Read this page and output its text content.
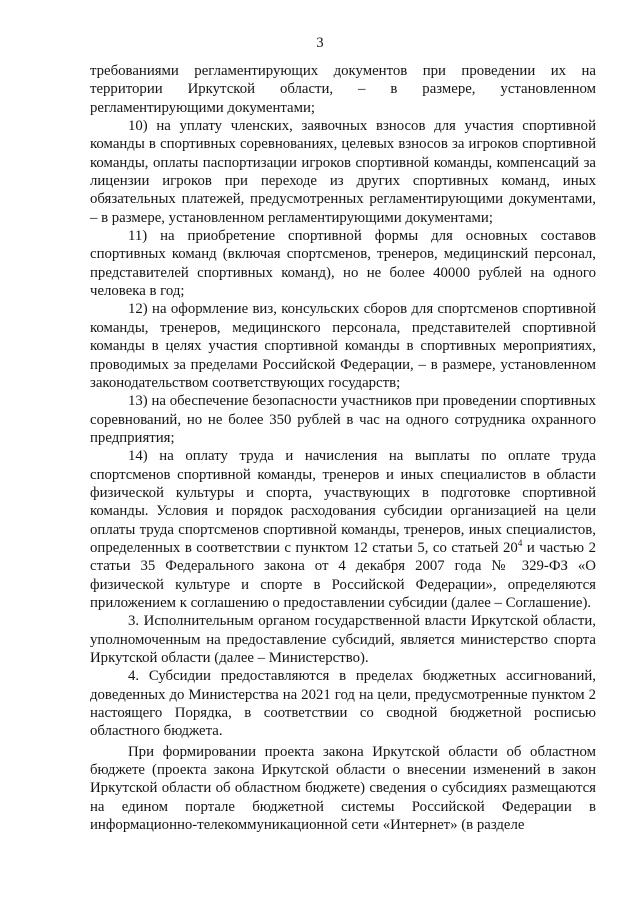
3

требованиями регламентирующих документов при проведении их на территории Иркутской области, – в размере, установленном регламентирующими документами;

10) на уплату членских, заявочных взносов для участия спортивной команды в спортивных соревнованиях, целевых взносов за игроков спортивной команды, оплаты паспортизации игроков спортивной команды, компенсаций за лицензии игроков при переходе из других спортивных команд, иных обязательных платежей, предусмотренных регламентирующими документами, – в размере, установленном регламентирующими документами;

11) на приобретение спортивной формы для основных составов спортивных команд (включая спортсменов, тренеров, медицинский персонал, представителей спортивных команд), но не более 40000 рублей на одного человека в год;

12) на оформление виз, консульских сборов для спортсменов спортивной команды, тренеров, медицинского персонала, представителей спортивной команды в целях участия спортивной команды в спортивных мероприятиях, проводимых за пределами Российской Федерации, – в размере, установленном законодательством соответствующих государств;

13) на обеспечение безопасности участников при проведении спортивных соревнований, но не более 350 рублей в час на одного сотрудника охранного предприятия;

14) на оплату труда и начисления на выплаты по оплате труда спортсменов спортивной команды, тренеров и иных специалистов в области физической культуры и спорта, участвующих в подготовке спортивной команды. Условия и порядок расходования субсидии организацией на цели оплаты труда спортсменов спортивной команды, тренеров, иных специалистов, определенных в соответствии с пунктом 12 статьи 5, со статьей $20^4$ и частью 2 статьи 35 Федерального закона от 4 декабря 2007 года № 329-ФЗ «О физической культуре и спорте в Российской Федерации», определяются приложением к соглашению о предоставлении субсидии (далее – Соглашение).

3. Исполнительным органом государственной власти Иркутской области, уполномоченным на предоставление субсидий, является министерство спорта Иркутской области (далее – Министерство).

4. Субсидии предоставляются в пределах бюджетных ассигнований, доведенных до Министерства на 2021 год на цели, предусмотренные пунктом 2 настоящего Порядка, в соответствии со сводной бюджетной росписью областного бюджета.

При формировании проекта закона Иркутской области об областном бюджете (проекта закона Иркутской области о внесении изменений в закон Иркутской области об областном бюджете) сведения о субсидиях размещаются на едином портале бюджетной системы Российской Федерации в информационно-телекоммуникационной сети «Интернет» (в разделе
